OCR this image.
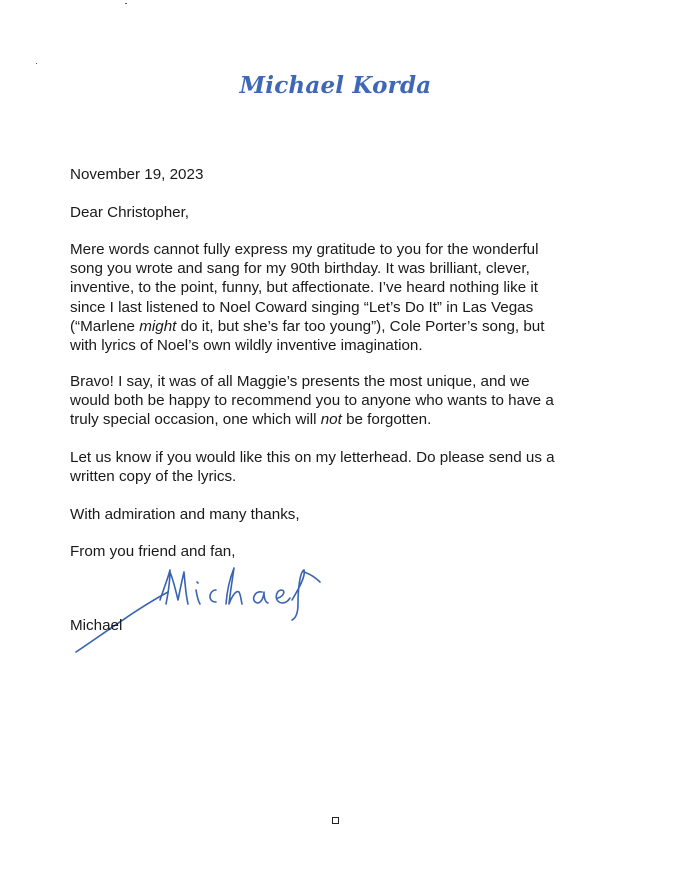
Michael Korda

November 19, 2023

Dear Christopher,

Mere words cannot fully express my gratitude to you for the wonderful
song you wrote and sang for my 90th birthday. It was brilliant, clever,
inventive, to the point, funny, but affectionate. I’ve heard nothing like it
since I last listened to Noel Coward singing “Let’s Do It” in Las Vegas
(“Marlene might do it, but she’s far too young”), Cole Porter’s song, but
with lyrics of Noel’s own wildly inventive imagination.

Bravo! I say, it was of all Maggie’s presents the most unique, and we
would both be happy to recommend you to anyone who wants to have a
truly special occasion, one which will not be forgotten.

Let us know if you would like this on my letterhead. Do please send us a
written copy of the lyrics.

With admiration and many thanks,

From you friend and fan,

Michael
